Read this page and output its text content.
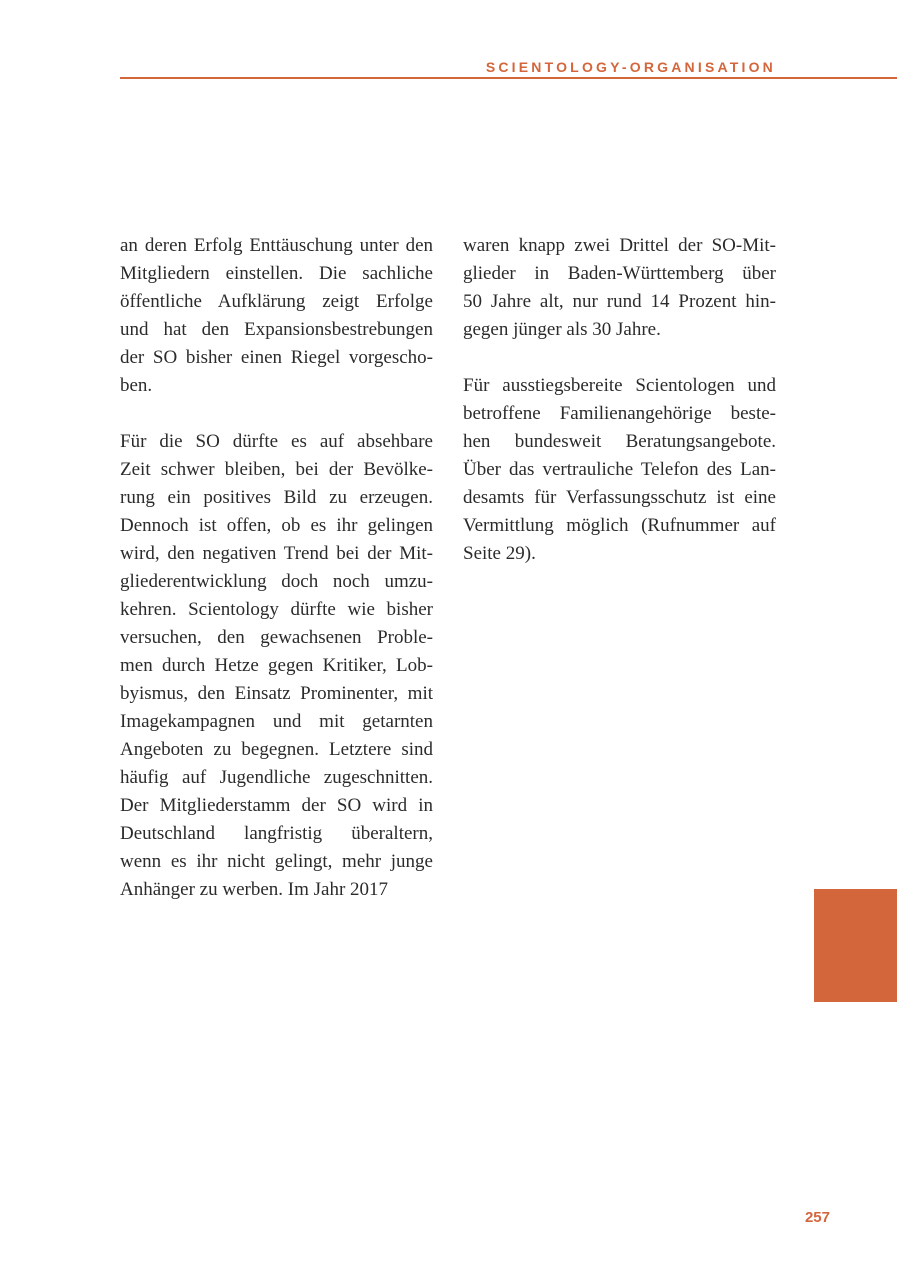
SCIENTOLOGY-ORGANISATION

an deren Erfolg Enttäuschung unter den
Mitgliedern einstellen. Die sachliche
öffentliche Aufklärung zeigt Erfolge
und hat den Expansionsbestrebungen
der SO bisher einen Riegel vorgescho-
ben.

Für die SO dürfte es auf absehbare
Zeit schwer bleiben, bei der Bevölke-
rung ein positives Bild zu erzeugen.
Dennoch ist offen, ob es ihr gelingen
wird, den negativen Trend bei der Mit-
gliederentwicklung doch noch umzu-
kehren. Scientology dürfte wie bisher
versuchen, den gewachsenen Proble-
men durch Hetze gegen Kritiker, Lob-
byismus, den Einsatz Prominenter, mit
Imagekampagnen und mit getarnten
Angeboten zu begegnen. Letztere sind
häufig auf Jugendliche zugeschnitten.
Der Mitgliederstamm der SO wird in
Deutschland langfristig überaltern,
wenn es ihr nicht gelingt, mehr junge
Anhänger zu werben. Im Jahr 2017

waren knapp zwei Drittel der SO-Mit-
glieder in Baden-Württemberg über
50 Jahre alt, nur rund 14 Prozent hin-
gegen jünger als 30 Jahre.

Für ausstiegsbereite Scientologen und
betroffene Familienangehörige beste-
hen bundesweit Beratungsangebote.
Über das vertrauliche Telefon des Lan-
desamts für Verfassungsschutz ist eine
Vermittlung möglich (Rufnummer auf
Seite 29).

257
